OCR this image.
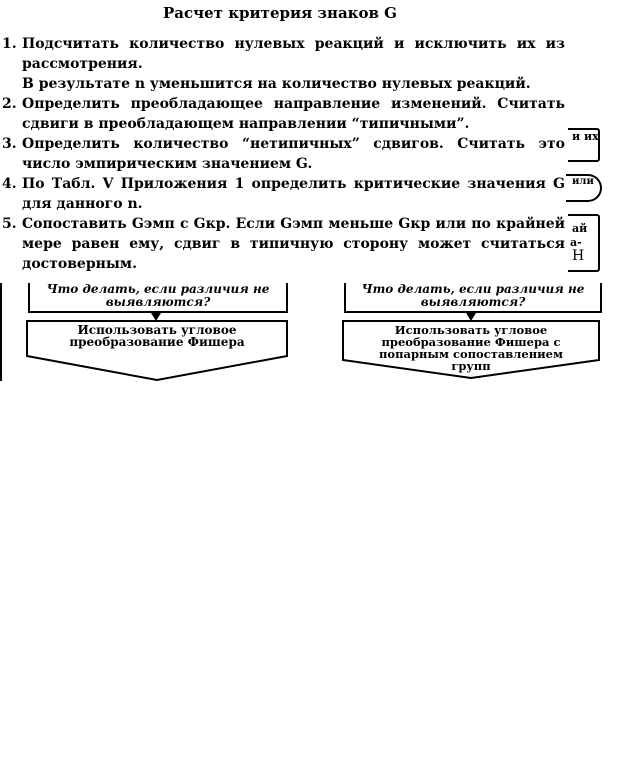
Расчет критерия знаков G

1. Подсчитать количество нулевых реакций и исключить их из рассмотрения.
В результате n уменьшится на количество нулевых реакций.

2. Определить преобладающее направление изменений. Считать сдвиги в преобладающем направлении “типичными”.

3. Определить количество “нетипичных” сдвигов. Считать это число эмпирическим значением G.

4. По Табл. V Приложения 1 определить критические значения G для данного n.

5. Сопоставить Gэмп с Gкр. Если Gэмп меньше Gкр или по крайней мере равен ему, сдвиг в типичную сторону может считаться достоверным.

и их
или
ай
а-
H
Что делать, если различия не выявляются?
Использовать угловое преобразование Фишера
Что делать, если различия не выявляются?
Использовать угловое преобразование Фишера с попарным сопоставлением групп
